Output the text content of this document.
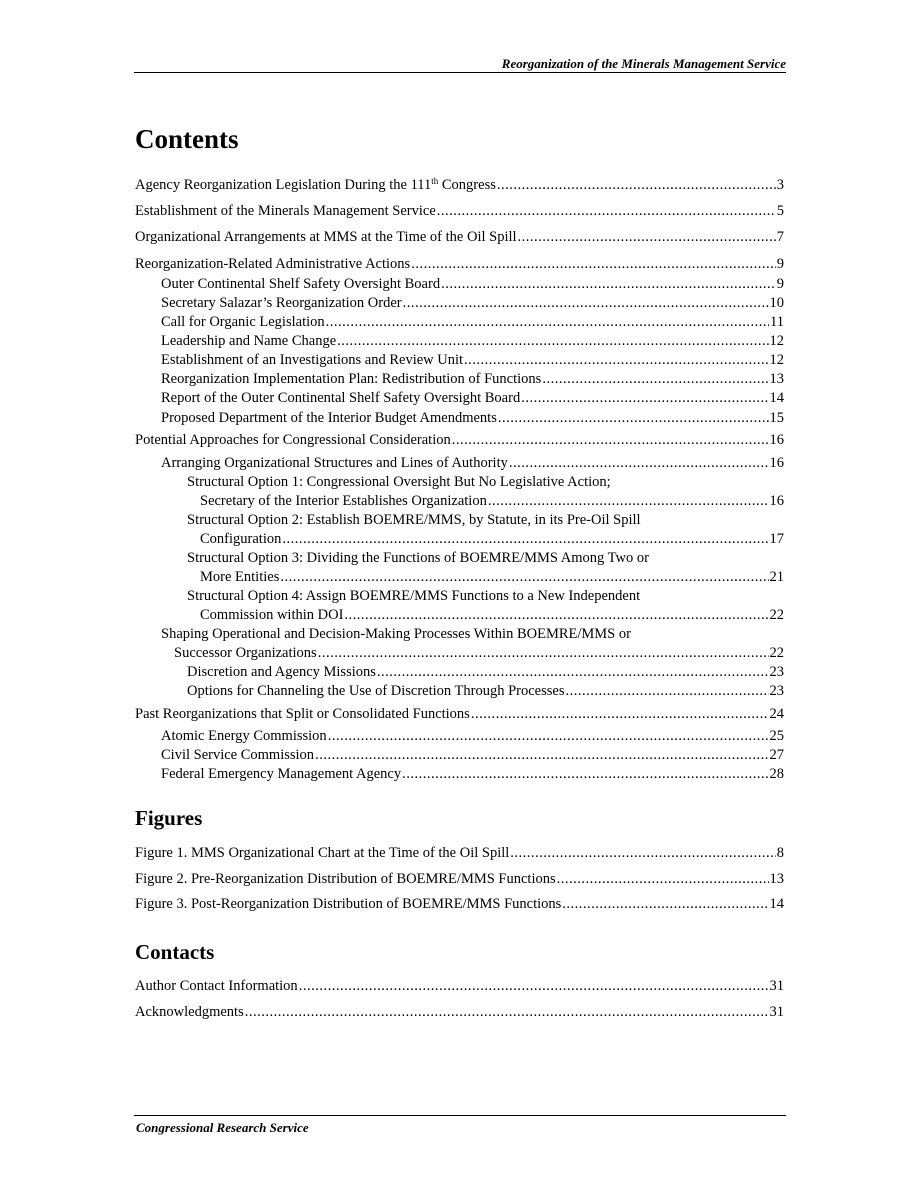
Reorganization of the Minerals Management Service
Contents
Agency Reorganization Legislation During the 111th Congress .....	3
Establishment of the Minerals Management Service .....	5
Organizational Arrangements at MMS at the Time of the Oil Spill .....	7
Reorganization-Related Administrative Actions .....	9
Outer Continental Shelf Safety Oversight Board .....	9
Secretary Salazar’s Reorganization Order .....	10
Call for Organic Legislation .....	11
Leadership and Name Change .....	12
Establishment of an Investigations and Review Unit .....	12
Reorganization Implementation Plan: Redistribution of Functions .....	13
Report of the Outer Continental Shelf Safety Oversight Board .....	14
Proposed Department of the Interior Budget Amendments .....	15
Potential Approaches for Congressional Consideration .....	16
Arranging Organizational Structures and Lines of Authority .....	16
Structural Option 1: Congressional Oversight But No Legislative Action;
Secretary of the Interior Establishes Organization .....	16
Structural Option 2: Establish BOEMRE/MMS, by Statute, in its Pre-Oil Spill
Configuration .....	17
Structural Option 3: Dividing the Functions of BOEMRE/MMS Among Two or
More Entities .....	21
Structural Option 4: Assign BOEMRE/MMS Functions to a New Independent
Commission within DOI .....	22
Shaping Operational and Decision-Making Processes Within BOEMRE/MMS or
Successor Organizations .....	22
Discretion and Agency Missions .....	23
Options for Channeling the Use of Discretion Through Processes .....	23
Past Reorganizations that Split or Consolidated Functions .....	24
Atomic Energy Commission .....	25
Civil Service Commission .....	27
Federal Emergency Management Agency .....	28
Figures
Figure 1. MMS Organizational Chart at the Time of the Oil Spill .....	8
Figure 2. Pre-Reorganization Distribution of BOEMRE/MMS Functions .....	13
Figure 3. Post-Reorganization Distribution of BOEMRE/MMS Functions .....	14
Contacts
Author Contact Information .....	31
Acknowledgments .....	31
Congressional Research Service
